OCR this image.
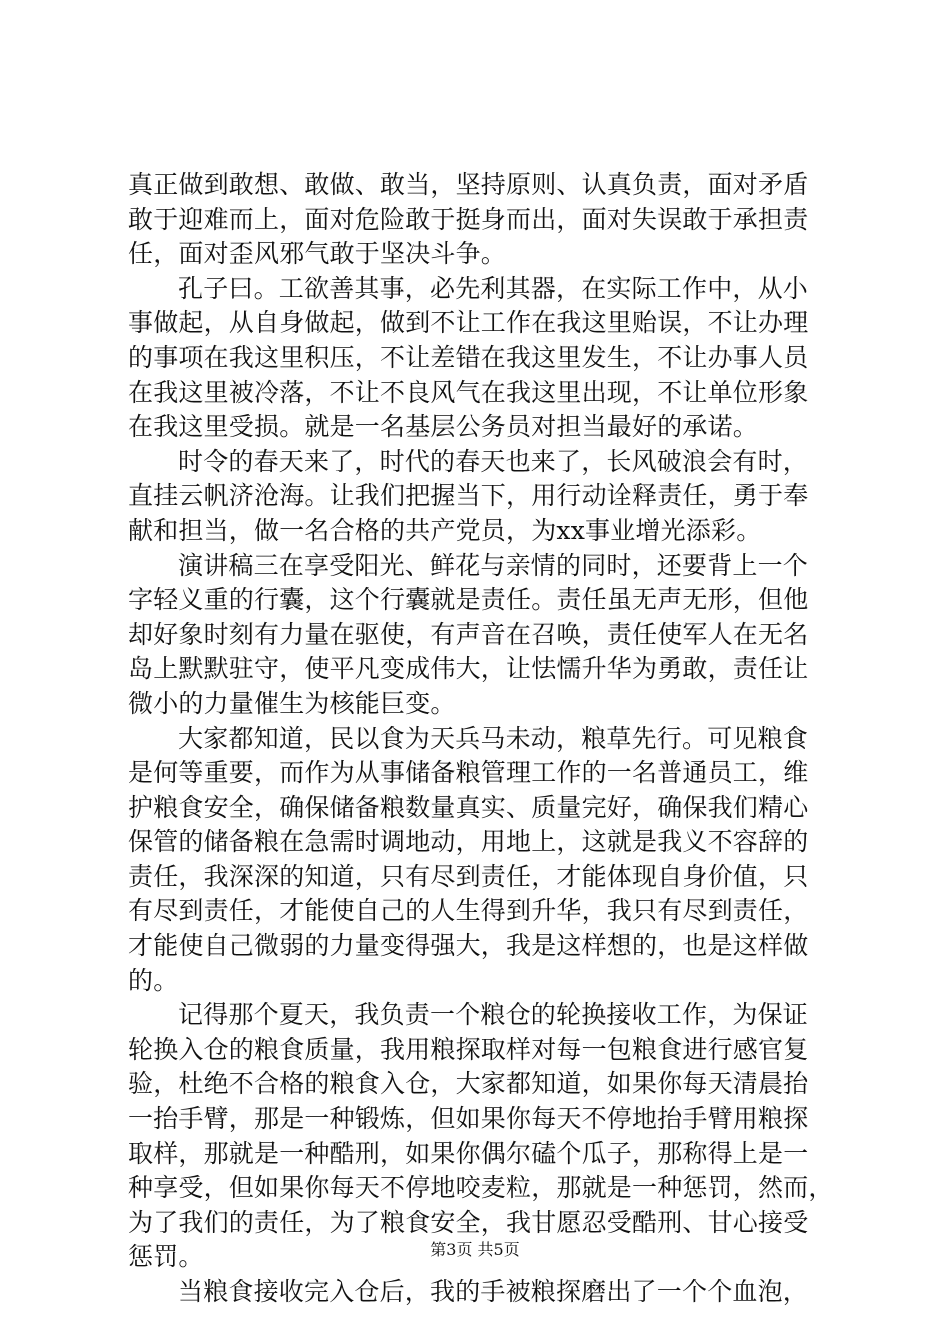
真正做到敢想、敢做、敢当，坚持原则、认真负责，面对矛盾
敢于迎难而上，面对危险敢于挺身而出，面对失误敢于承担责
任，面对歪风邪气敢于坚决斗争。
孔子曰。工欲善其事，必先利其器，在实际工作中，从小
事做起，从自身做起，做到不让工作在我这里贻误，不让办理
的事项在我这里积压，不让差错在我这里发生，不让办事人员
在我这里被冷落，不让不良风气在我这里出现，不让单位形象
在我这里受损。就是一名基层公务员对担当最好的承诺。
时令的春天来了，时代的春天也来了，长风破浪会有时，
直挂云帆济沧海。让我们把握当下，用行动诠释责任，勇于奉
献和担当，做一名合格的共产党员，为xx事业增光添彩。
演讲稿三在享受阳光、鲜花与亲情的同时，还要背上一个
字轻义重的行囊，这个行囊就是责任。责任虽无声无形，但他
却好象时刻有力量在驱使，有声音在召唤，责任使军人在无名
岛上默默驻守，使平凡变成伟大，让怯懦升华为勇敢，责任让
微小的力量催生为核能巨变。
大家都知道，民以食为天兵马未动，粮草先行。可见粮食
是何等重要，而作为从事储备粮管理工作的一名普通员工，维
护粮食安全，确保储备粮数量真实、质量完好，确保我们精心
保管的储备粮在急需时调地动，用地上，这就是我义不容辞的
责任，我深深的知道，只有尽到责任，才能体现自身价值，只
有尽到责任，才能使自己的人生得到升华，我只有尽到责任，
才能使自己微弱的力量变得强大，我是这样想的，也是这样做
的。
记得那个夏天，我负责一个粮仓的轮换接收工作，为保证
轮换入仓的粮食质量，我用粮探取样对每一包粮食进行感官复
验，杜绝不合格的粮食入仓，大家都知道，如果你每天清晨抬
一抬手臂，那是一种锻炼，但如果你每天不停地抬手臂用粮探
取样，那就是一种酷刑，如果你偶尔磕个瓜子，那称得上是一
种享受，但如果你每天不停地咬麦粒，那就是一种惩罚，然而，
为了我们的责任，为了粮食安全，我甘愿忍受酷刑、甘心接受
惩罚。
当粮食接收完入仓后，我的手被粮探磨出了一个个血泡，
第3页 共5页
